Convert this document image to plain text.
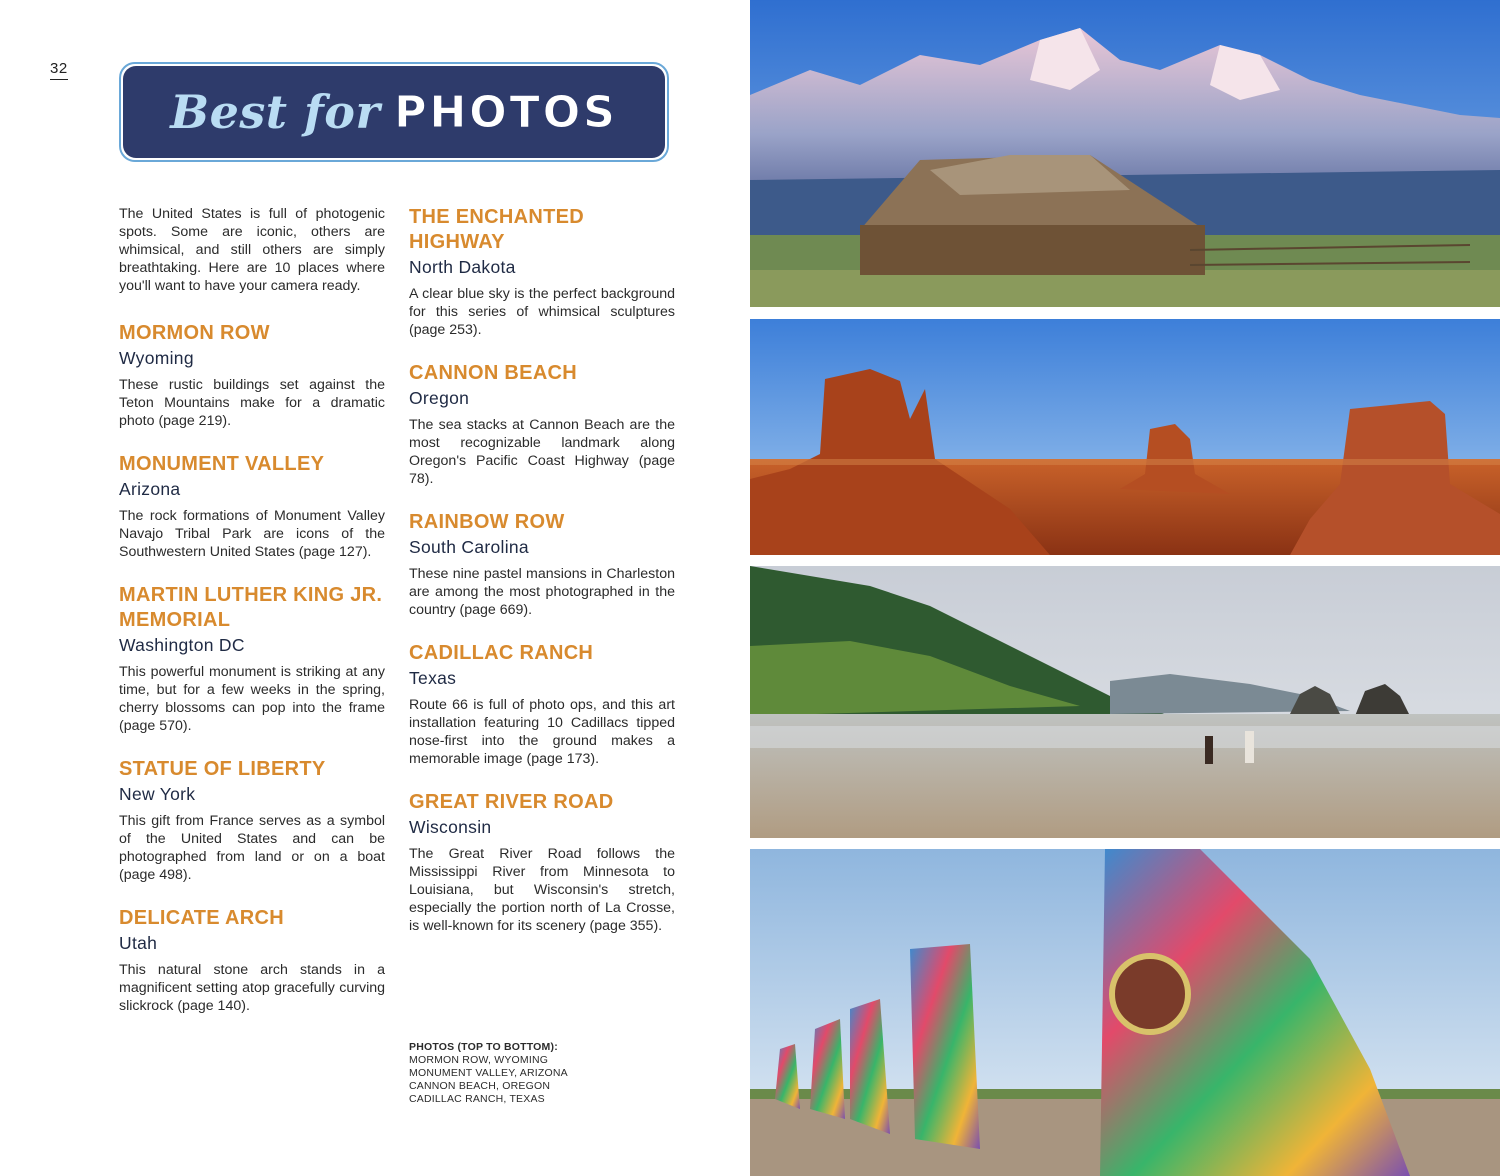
32
Best for PHOTOS

The United States is full of photogenic spots. Some are iconic, others are whimsical, and still others are simply breathtaking. Here are 10 places where you'll want to have your camera ready.

MORMON ROW
Wyoming

These rustic buildings set against the Teton Mountains make for a dramatic photo (page 219).

MONUMENT VALLEY
Arizona

The rock formations of Monument Valley Navajo Tribal Park are icons of the Southwestern United States (page 127).

MARTIN LUTHER KING JR. MEMORIAL
Washington DC

This powerful monument is striking at any time, but for a few weeks in the spring, cherry blossoms can pop into the frame (page 570).

STATUE OF LIBERTY
New York

This gift from France serves as a symbol of the United States and can be photographed from land or on a boat (page 498).

DELICATE ARCH
Utah

This natural stone arch stands in a magnificent setting atop gracefully curving slickrock (page 140).

THE ENCHANTED HIGHWAY
North Dakota

A clear blue sky is the perfect background for this series of whimsical sculptures (page 253).

CANNON BEACH
Oregon

The sea stacks at Cannon Beach are the most recognizable landmark along Oregon's Pacific Coast Highway (page 78).

RAINBOW ROW
South Carolina

These nine pastel mansions in Charleston are among the most photographed in the country (page 669).

CADILLAC RANCH
Texas

Route 66 is full of photo ops, and this art installation featuring 10 Cadillacs tipped nose-first into the ground makes a memorable image (page 173).

GREAT RIVER ROAD
Wisconsin

The Great River Road follows the Mississippi River from Minnesota to Louisiana, but Wisconsin's stretch, especially the portion north of La Crosse, is well-known for its scenery (page 355).

PHOTOS (TOP TO BOTTOM):
MORMON ROW, WYOMING
MONUMENT VALLEY, ARIZONA
CANNON BEACH, OREGON
CADILLAC RANCH, TEXAS
